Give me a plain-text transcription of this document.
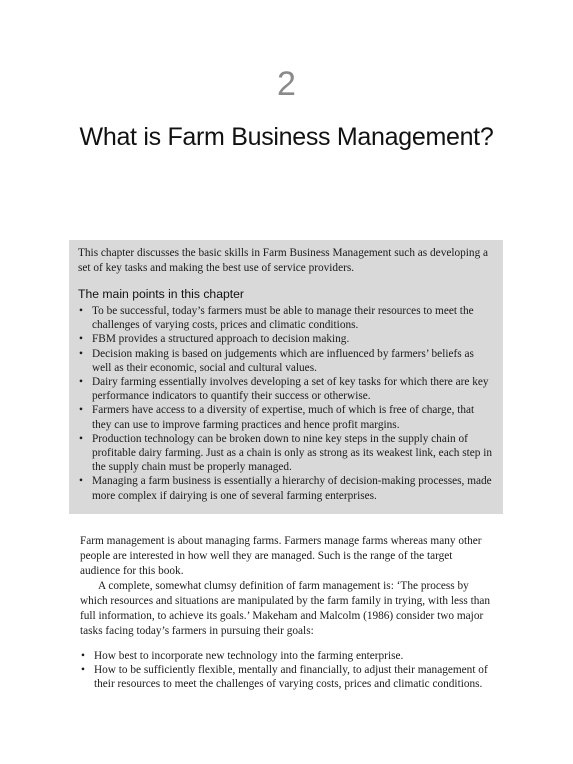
2
What is Farm Business Management?

This chapter discusses the basic skills in Farm Business Management such as developing a set of key tasks and making the best use of service providers.

The main points in this chapter
• To be successful, today’s farmers must be able to manage their resources to meet the challenges of varying costs, prices and climatic conditions.
• FBM provides a structured approach to decision making.
• Decision making is based on judgements which are influenced by farmers’ beliefs as well as their economic, social and cultural values.
• Dairy farming essentially involves developing a set of key tasks for which there are key performance indicators to quantify their success or otherwise.
• Farmers have access to a diversity of expertise, much of which is free of charge, that they can use to improve farming practices and hence profit margins.
• Production technology can be broken down to nine key steps in the supply chain of profitable dairy farming. Just as a chain is only as strong as its weakest link, each step in the supply chain must be properly managed.
• Managing a farm business is essentially a hierarchy of decision-making processes, made more complex if dairying is one of several farming enterprises.

Farm management is about managing farms. Farmers manage farms whereas many other people are interested in how well they are managed. Such is the range of the target audience for this book.

A complete, somewhat clumsy definition of farm management is: ‘The process by which resources and situations are manipulated by the farm family in trying, with less than full information, to achieve its goals.’ Makeham and Malcolm (1986) consider two major tasks facing today’s farmers in pursuing their goals:

• How best to incorporate new technology into the farming enterprise.
• How to be sufficiently flexible, mentally and financially, to adjust their management of their resources to meet the challenges of varying costs, prices and climatic conditions.
